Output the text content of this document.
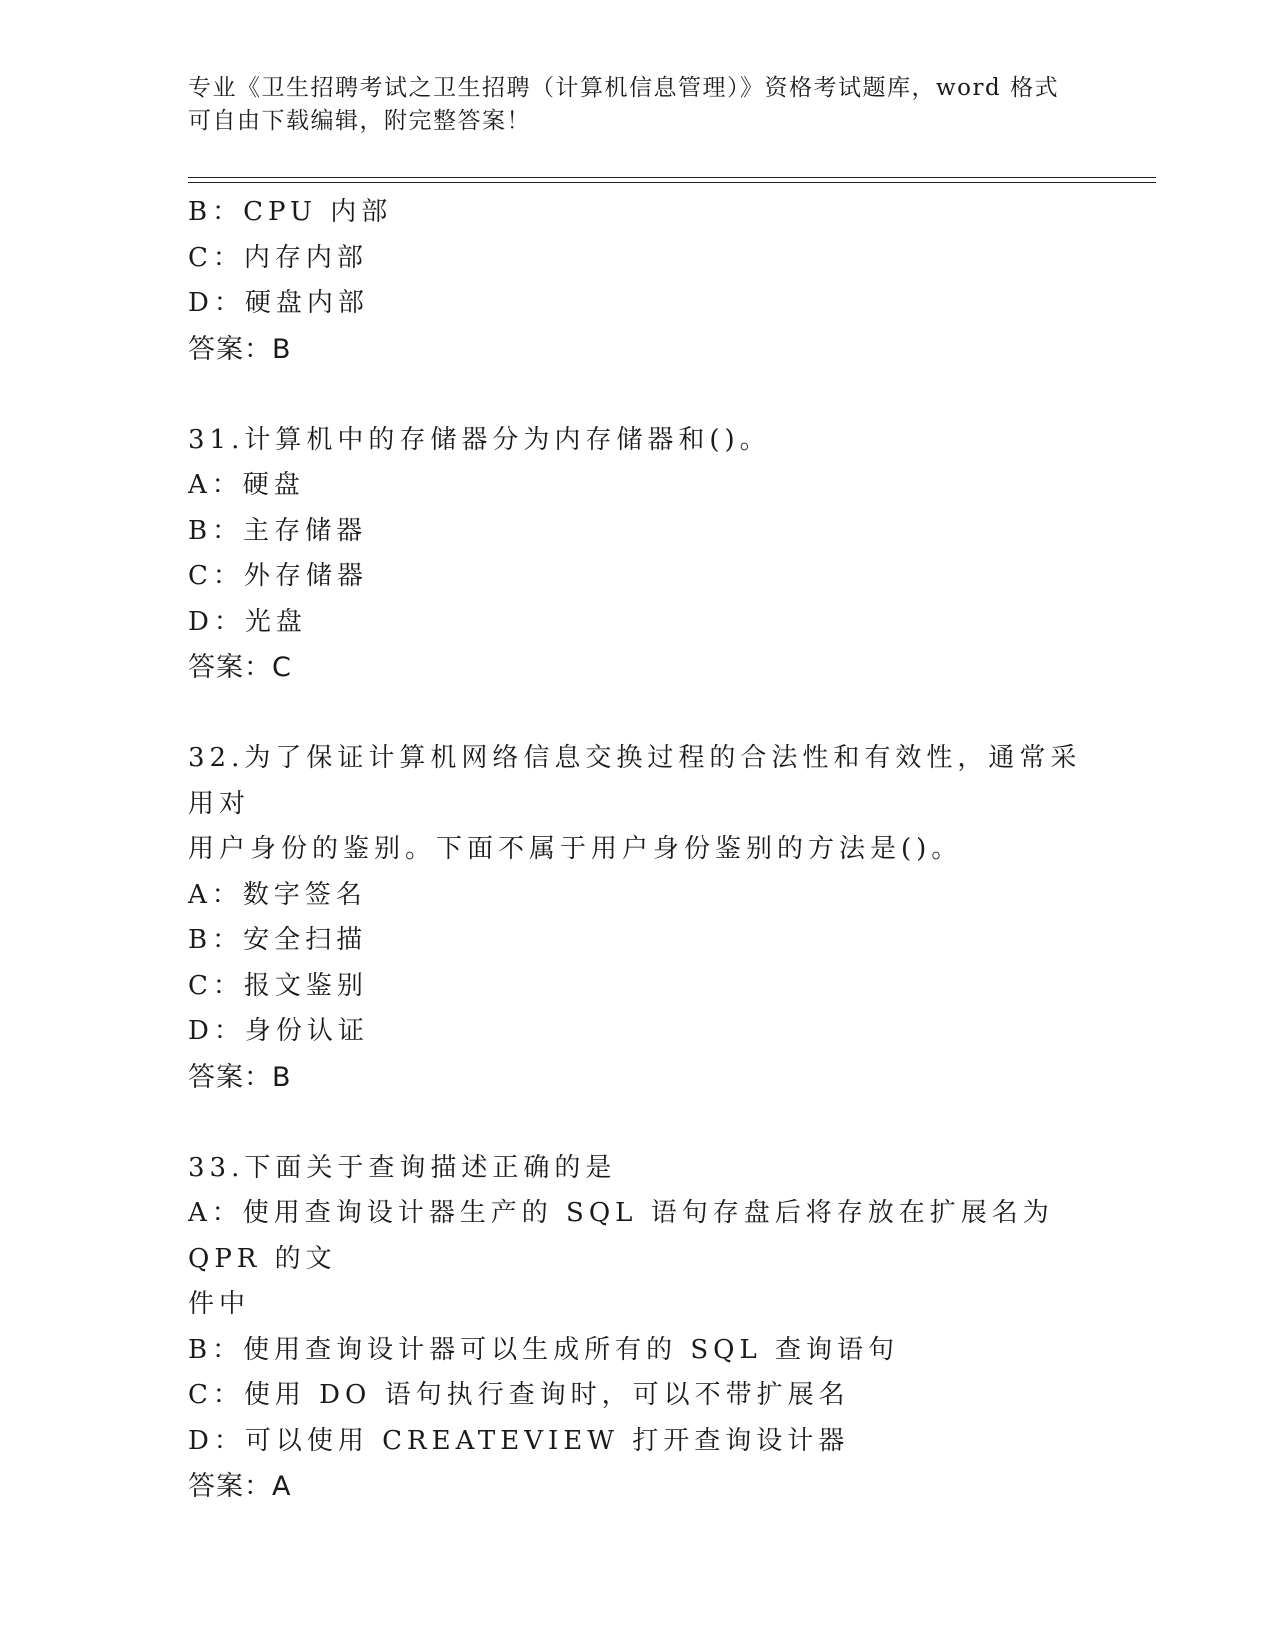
专业《卫生招聘考试之卫生招聘（计算机信息管理）》资格考试题库，word 格式
可自由下载编辑，附完整答案！
B：CPU 内部
C：内存内部
D：硬盘内部
答案：B
31.计算机中的存储器分为内存储器和()。
A：硬盘
B：主存储器
C：外存储器
D：光盘
答案：C
32.为了保证计算机网络信息交换过程的合法性和有效性，通常采用对
用户身份的鉴别。下面不属于用户身份鉴别的方法是()。
A：数字签名
B：安全扫描
C：报文鉴别
D：身份认证
答案：B
33.下面关于查询描述正确的是
A：使用查询设计器生产的 SQL 语句存盘后将存放在扩展名为 QPR 的文
件中
B：使用查询设计器可以生成所有的 SQL 查询语句
C：使用 DO 语句执行查询时，可以不带扩展名
D：可以使用 CREATEVIEW 打开查询设计器
答案：A
